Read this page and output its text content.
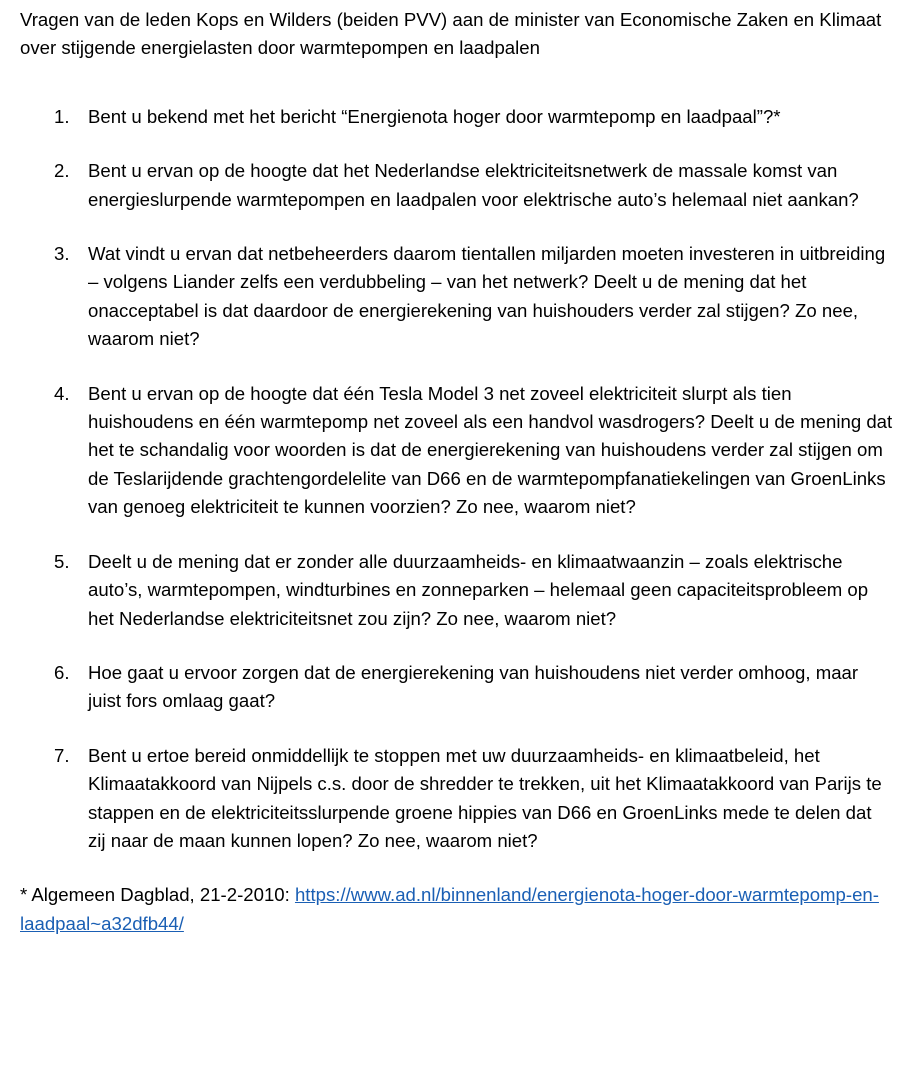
Vragen van de leden Kops en Wilders (beiden PVV) aan de minister van Economische Zaken en Klimaat over stijgende energielasten door warmtepompen en laadpalen

1. Bent u bekend met het bericht “Energienota hoger door warmtepomp en laadpaal”?*
2. Bent u ervan op de hoogte dat het Nederlandse elektriciteitsnetwerk de massale komst van energieslurpende warmtepompen en laadpalen voor elektrische auto’s helemaal niet aankan?
3. Wat vindt u ervan dat netbeheerders daarom tientallen miljarden moeten investeren in uitbreiding – volgens Liander zelfs een verdubbeling – van het netwerk? Deelt u de mening dat het onacceptabel is dat daardoor de energierekening van huishouders verder zal stijgen? Zo nee, waarom niet?
4. Bent u ervan op de hoogte dat één Tesla Model 3 net zoveel elektriciteit slurpt als tien huishoudens en één warmtepomp net zoveel als een handvol wasdrogers? Deelt u de mening dat het te schandalig voor woorden is dat de energierekening van huishoudens verder zal stijgen om de Teslarijdende grachtengordelelite van D66 en de warmtepompfanatiekelingen van GroenLinks van genoeg elektriciteit te kunnen voorzien? Zo nee, waarom niet?
5. Deelt u de mening dat er zonder alle duurzaamheids- en klimaatwaanzin – zoals elektrische auto’s, warmtepompen, windturbines en zonneparken – helemaal geen capaciteitsprobleem op het Nederlandse elektriciteitsnet zou zijn? Zo nee, waarom niet?
6. Hoe gaat u ervoor zorgen dat de energierekening van huishoudens niet verder omhoog, maar juist fors omlaag gaat?
7. Bent u ertoe bereid onmiddellijk te stoppen met uw duurzaamheids- en klimaatbeleid, het Klimaatakkoord van Nijpels c.s. door de shredder te trekken, uit het Klimaatakkoord van Parijs te stappen en de elektriciteitsslurpende groene hippies van D66 en GroenLinks mede te delen dat zij naar de maan kunnen lopen? Zo nee, waarom niet?

* Algemeen Dagblad, 21-2-2010: https://www.ad.nl/binnenland/energienota-hoger-door-warmtepomp-en-laadpaal~a32dfb44/
